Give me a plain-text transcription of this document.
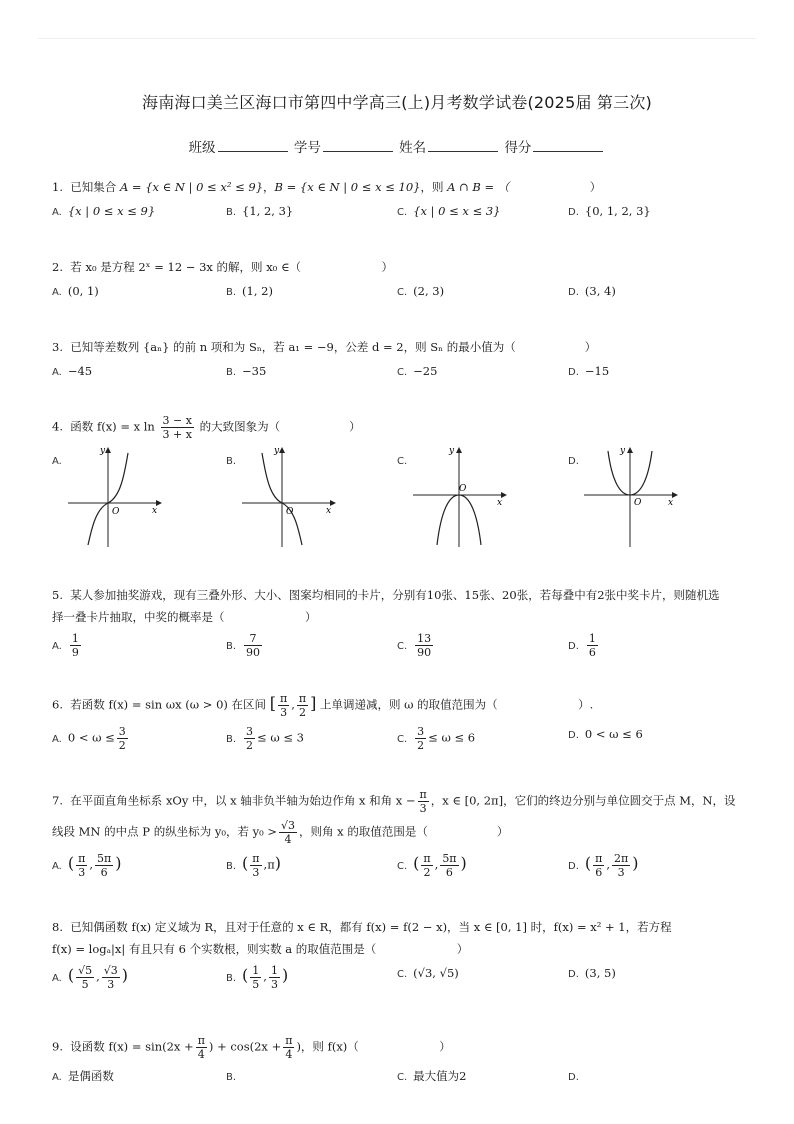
海南海口美兰区海口市第四中学高三(上)月考数学试卷(2025届 第三次)
班级	学号	姓名	得分
1. 已知集合 A = {x ∈ N | 0 ≤ x² ≤ 9}，B = {x ∈ N | 0 ≤ x ≤ 10}，则 A ∩ B = （　　　　　　　）
A. {x | 0 ≤ x ≤ 9}	B. {1, 2, 3}	C. {x | 0 ≤ x ≤ 3}	D. {0, 1, 2, 3}
2. 若 x₀ 是方程 2ˣ = 12 − 3x 的解，则 x₀ ∈（　　　　　　　）
A. (0, 1)	B. (1, 2)	C. (2, 3)	D. (3, 4)
3. 已知等差数列 {aₙ} 的前 n 项和为 Sₙ，若 a₁ = −9，公差 d = 2，则 Sₙ 的最小值为（　　　　　　）
A. −45	B. −35	C. −25	D. −15
4. 函数 f(x) = x $\ln \frac{3 - x}{3 + x}$ 的大致图象为（　　　　　　）
A.
y
x
O
B.
y
x
O
C.
y
x
O
D.
y
x
O
5. 某人参加抽奖游戏，现有三叠外形、大小、图案均相同的卡片，分别有10张、15张、20张，若每叠中有2张中奖卡片，则随机选
择一叠卡片抽取，中奖的概率是（　　　　　　　）
A. $\frac{1}{9}$	B. $\frac{7}{90}$	C. $\frac{13}{90}$	D. $\frac{1}{6}$
6. 若函数 f(x) = sin ωx (ω > 0) 在区间 [ $\frac{\pi}{3}$ , $\frac{\pi}{2}$ ] 上单调递减，则 ω 的取值范围为（　　　　　　　）.
A. $0 < \omega \le \frac{3}{2}$	B. $\frac{3}{2} \le \omega \le 3$	C. $\frac{3}{2} \le \omega \le 6$	D. 0 < ω ≤ 6
7. 在平面直角坐标系 xOy 中，以 x 轴非负半轴为始边作角 x 和角 $x - \frac{\pi}{3}$ ，x ∈ [0, 2π]，它们的终边分别与单位圆交于点 M，N，设
线段 MN 的中点 P 的纵坐标为 y₀，若 $y_0 > \frac{√3}{4}$ ，则角 x 的取值范围是（　　　　　　）
A. ( $\frac{\pi}{3}$ , $\frac{5\pi}{6}$ )	B. ( $\frac{\pi}{3} ,\pi$)	C. ( $\frac{\pi}{2}$ , $\frac{5\pi}{6}$ )	D. ( $\frac{\pi}{6}$ , $\frac{2\pi}{3}$ )
8. 已知偶函数 f(x) 定义域为 R，且对于任意的 x ∈ R，都有 f(x) = f(2 − x)，当 x ∈ [0, 1] 时，f(x) = x² + 1，若方程
f(x) = logₐ|x| 有且只有 6 个实数根，则实数 a 的取值范围是（　　　　　　　）
A. ( $\frac{√5}{5}$ , $\frac{√3}{3}$ )	B. ( $\frac{1}{5}$ , $\frac{1}{3}$ )	C. (√3, √5)	D. (3, 5)
9. 设函数 $f(x) = \sin(2x + \frac{\pi}{4}$ ) + $\cos(2x + \frac{\pi}{4}$ )，则 f(x)（　　　　　　　）
A. 是偶函数	B.	C. 最大值为2	D.
